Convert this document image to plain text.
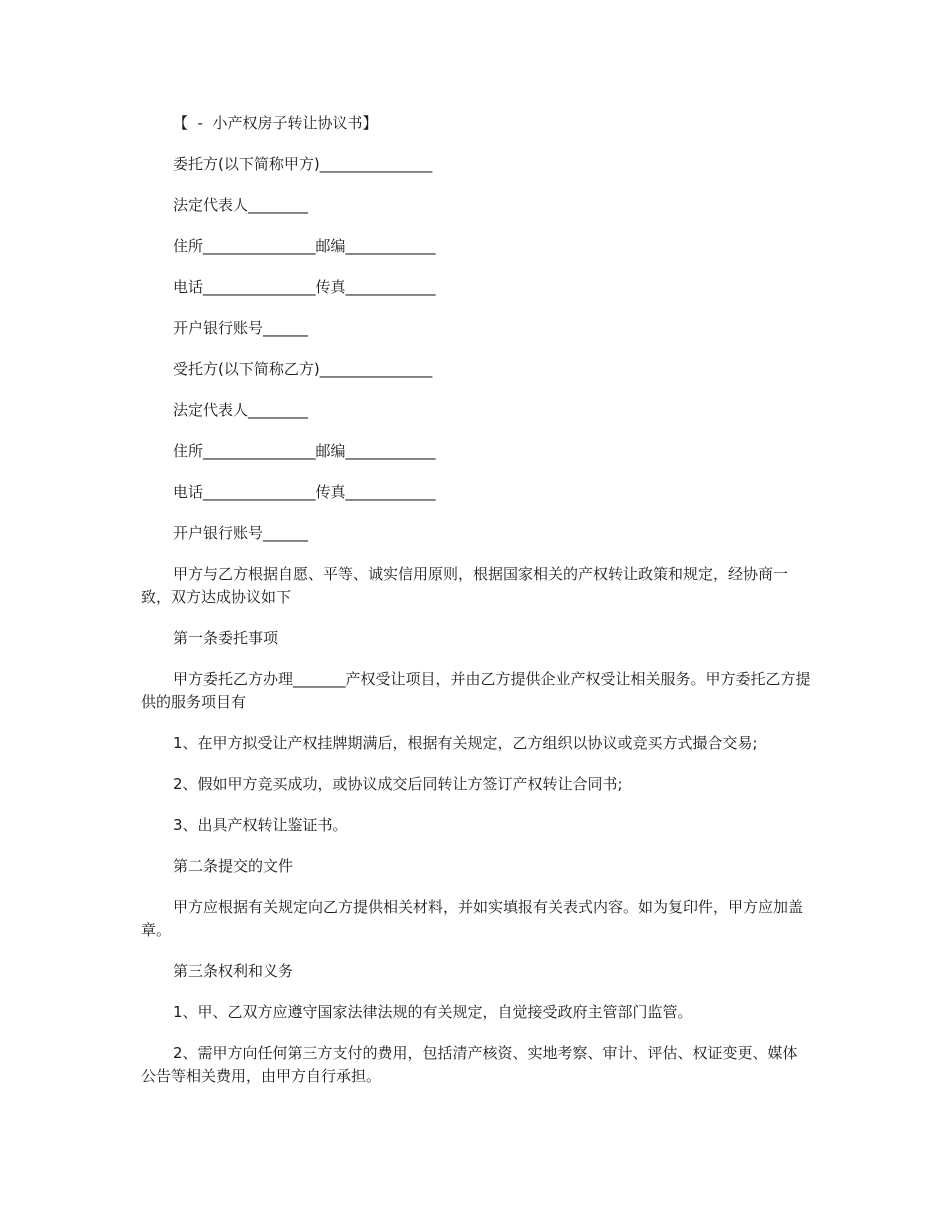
【  -  小产权房子转让协议书】

委托方(以下简称甲方)_______________

法定代表人________

住所_______________邮编____________

电话_______________传真____________

开户银行账号______

受托方(以下简称乙方)_______________

法定代表人________

住所_______________邮编____________

电话_______________传真____________

开户银行账号______

甲方与乙方根据自愿、平等、诚实信用原则，根据国家相关的产权转让政策和规定，经协商一致，双方达成协议如下

第一条委托事项

甲方委托乙方办理_______产权受让项目，并由乙方提供企业产权受让相关服务。甲方委托乙方提供的服务项目有

1、在甲方拟受让产权挂牌期满后，根据有关规定，乙方组织以协议或竞买方式撮合交易;

2、假如甲方竞买成功，或协议成交后同转让方签订产权转让合同书;

3、出具产权转让鉴证书。

第二条提交的文件

甲方应根据有关规定向乙方提供相关材料，并如实填报有关表式内容。如为复印件，甲方应加盖章。

第三条权利和义务

1、甲、乙双方应遵守国家法律法规的有关规定，自觉接受政府主管部门监管。

2、需甲方向任何第三方支付的费用，包括清产核资、实地考察、审计、评估、权证变更、媒体公告等相关费用，由甲方自行承担。
